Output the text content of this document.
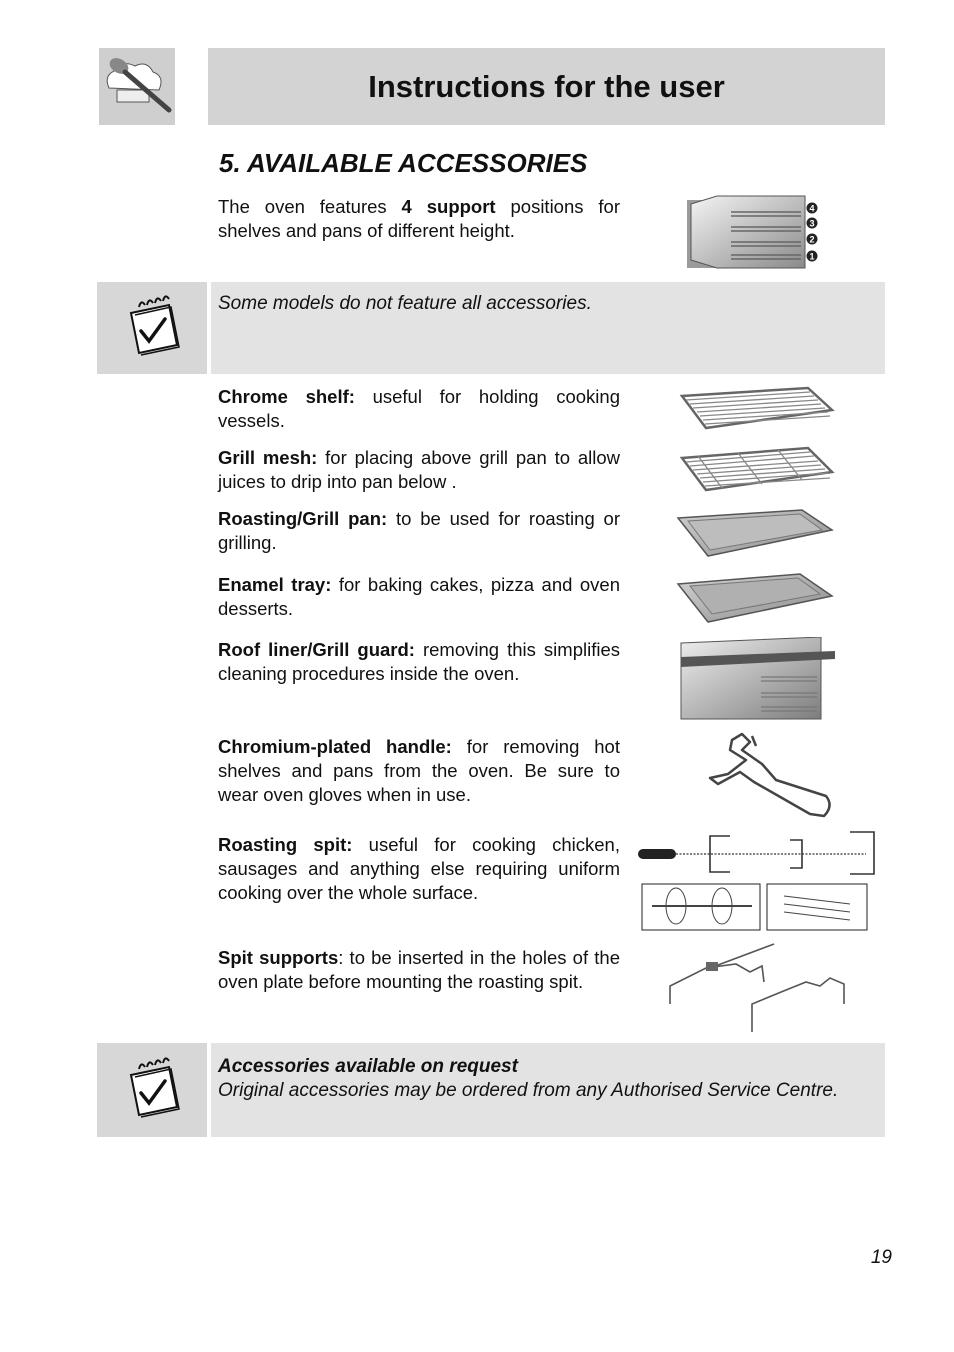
Instructions for the user
5. AVAILABLE ACCESSORIES
The oven features 4 support positions for shelves and pans of different height.
4
3
2
1
Some models do not feature all accessories.
Chrome shelf: useful for holding cooking vessels.
Grill mesh: for placing above grill pan to allow juices to drip into pan below .
Roasting/Grill pan: to be used for roasting or grilling.
Enamel tray: for baking cakes, pizza and oven desserts.
Roof liner/Grill guard: removing this simplifies cleaning procedures inside the oven.
Chromium-plated handle: for removing hot shelves and pans from the oven. Be sure to wear oven gloves when in use.
Roasting spit: useful for cooking chicken, sausages and anything else requiring uniform cooking over the whole surface.
Spit supports: to be inserted in the holes of the oven plate before mounting the roasting spit.
Accessories available on request
Original accessories may be ordered from any Authorised Service Centre.
19
